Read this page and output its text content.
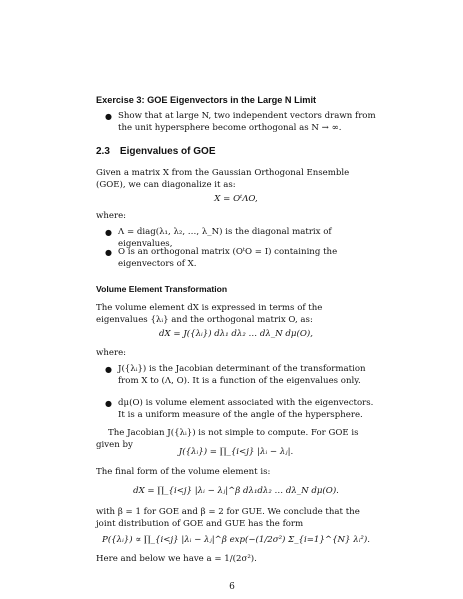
Exercise 3: GOE Eigenvectors in the Large N Limit
● Show that at large N, two independent vectors drawn from the unit hypersphere become orthogonal as N → ∞.
2.3 Eigenvalues of GOE
Given a matrix X from the Gaussian Orthogonal Ensemble (GOE), we can diagonalize it as:
X = OᵗΛO,
where:
● Λ = diag(λ₁, λ₂, …, λ_N) is the diagonal matrix of eigenvalues,
● O is an orthogonal matrix (OᵗO = I) containing the eigenvectors of X.
Volume Element Transformation
The volume element dX is expressed in terms of the eigenvalues {λᵢ} and the orthogonal matrix O, as:
dX = J({λᵢ}) dλ₁ dλ₂ … dλ_N dμ(O),
where:
● J({λᵢ}) is the Jacobian determinant of the transformation from X to (Λ, O). It is a function of the eigenvalues only.
● dμ(O) is volume element associated with the eigenvectors. It is a uniform measure of the angle of the hypersphere.
The Jacobian J({λᵢ}) is not simple to compute. For GOE is given by
J({λᵢ}) = ∏_{i<j} |λᵢ − λⱼ|.
The final form of the volume element is:
dX = ∏_{i<j} |λᵢ − λⱼ|^β dλ₁dλ₂ … dλ_N dμ(O).
with β = 1 for GOE and β = 2 for GUE. We conclude that the joint distribution of GOE and GUE has the form
P({λᵢ}) ∝ ∏_{i<j} |λᵢ − λⱼ|^β exp(−(1/2σ²) Σ_{i=1}^{N} λᵢ²).
Here and below we have a = 1/(2σ²).
6
